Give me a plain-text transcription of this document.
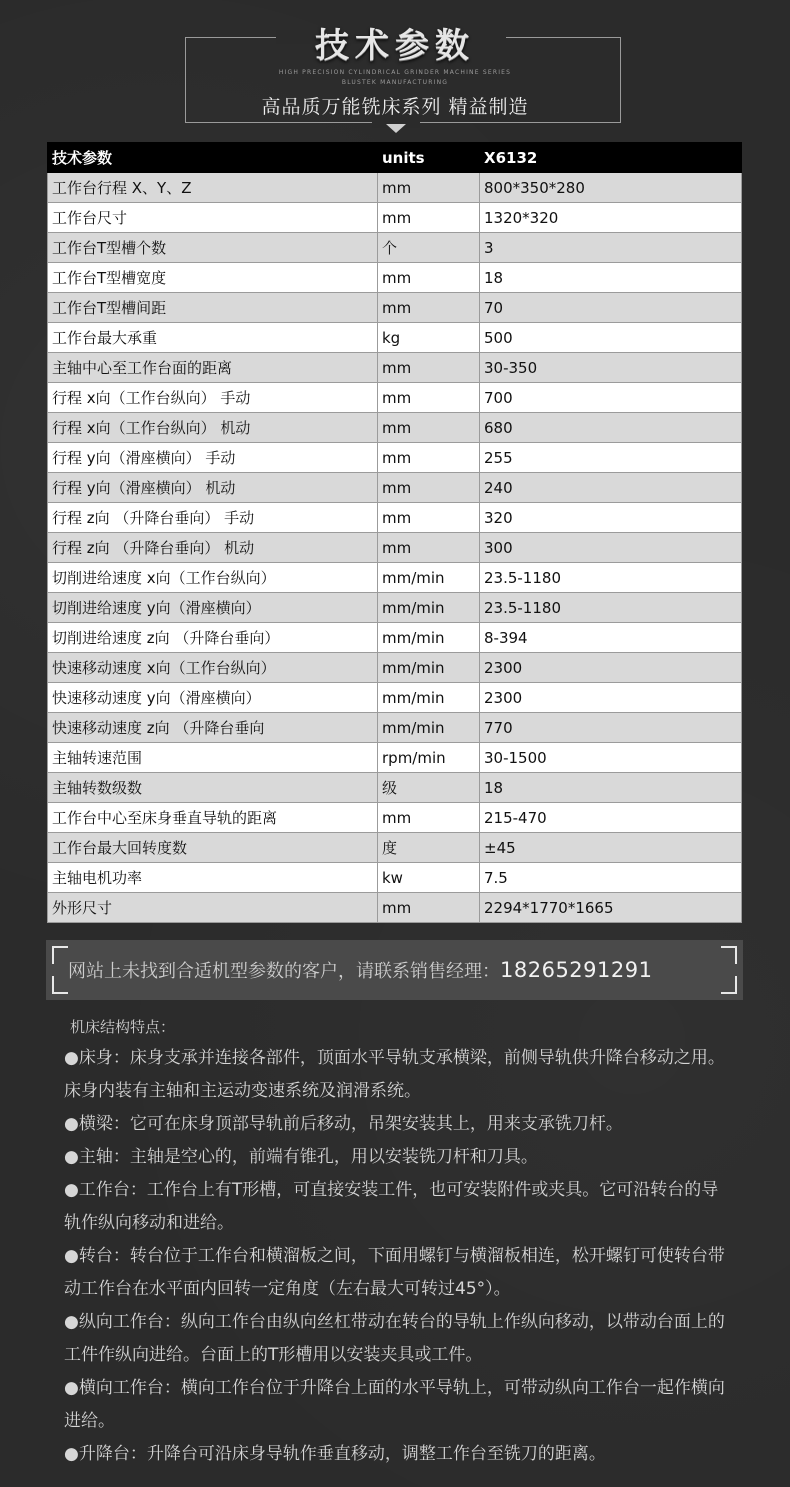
技术参数
HIGH PRECISION CYLINDRICAL GRINDER MACHINE SERIES
BLUSTEK MANUFACTURING
高品质万能铣床系列 精益制造
技术参数	units	X6132
工作台行程 X、Y、Z	mm	800*350*280
工作台尺寸	mm	1320*320
工作台T型槽个数	个	3
工作台T型槽宽度	mm	18
工作台T型槽间距	mm	70
工作台最大承重	kg	500
主轴中心至工作台面的距离	mm	30-350
行程 x向（工作台纵向） 手动	mm	700
行程 x向（工作台纵向） 机动	mm	680
行程 y向（滑座横向） 手动	mm	255
行程 y向（滑座横向） 机动	mm	240
行程 z向 （升降台垂向） 手动	mm	320
行程 z向 （升降台垂向） 机动	mm	300
切削进给速度 x向（工作台纵向）	mm/min	23.5-1180
切削进给速度 y向（滑座横向）	mm/min	23.5-1180
切削进给速度 z向 （升降台垂向）	mm/min	8-394
快速移动速度 x向（工作台纵向）	mm/min	2300
快速移动速度 y向（滑座横向）	mm/min	2300
快速移动速度 z向 （升降台垂向	mm/min	770
主轴转速范围	rpm/min	30-1500
主轴转数级数	级	18
工作台中心至床身垂直导轨的距离	mm	215-470
工作台最大回转度数	度	±45
主轴电机功率	kw	7.5
外形尺寸	mm	2294*1770*1665
网站上未找到合适机型参数的客户，请联系销售经理：18265291291
机床结构特点：

●床身：床身支承并连接各部件，顶面水平导轨支承横梁，前侧导轨供升降台移动之用。床身内装有主轴和主运动变速系统及润滑系统。

●横梁：它可在床身顶部导轨前后移动，吊架安装其上，用来支承铣刀杆。

●主轴：主轴是空心的，前端有锥孔，用以安装铣刀杆和刀具。

●工作台：工作台上有T形槽，可直接安装工件，也可安装附件或夹具。它可沿转台的导轨作纵向移动和进给。

●转台：转台位于工作台和横溜板之间，下面用螺钉与横溜板相连，松开螺钉可使转台带动工作台在水平面内回转一定角度（左右最大可转过45°）。

●纵向工作台：纵向工作台由纵向丝杠带动在转台的导轨上作纵向移动，以带动台面上的工件作纵向进给。台面上的T形槽用以安装夹具或工件。

●横向工作台：横向工作台位于升降台上面的水平导轨上，可带动纵向工作台一起作横向进给。

●升降台：升降台可沿床身导轨作垂直移动，调整工作台至铣刀的距离。
